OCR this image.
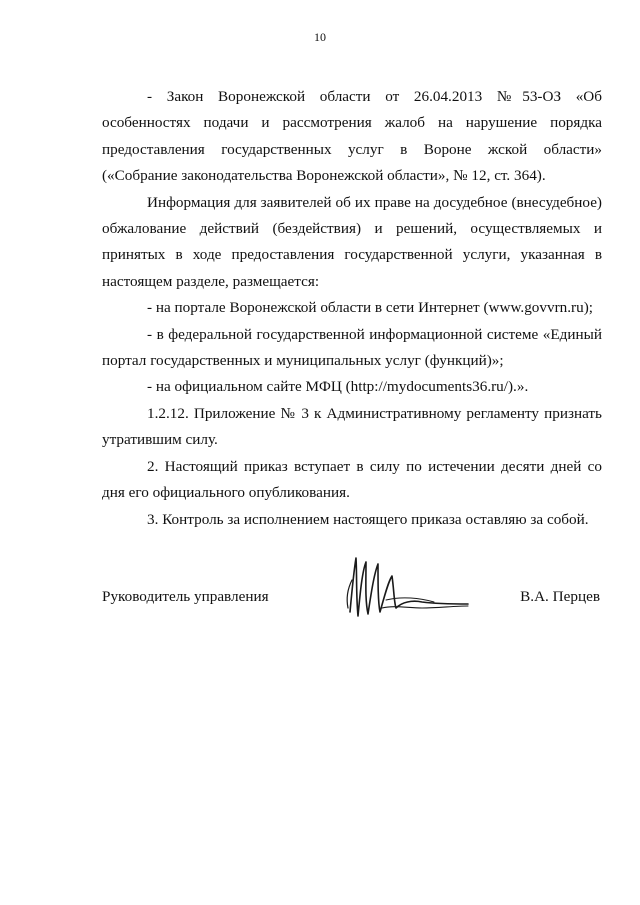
10

- Закон Воронежской области от 26.04.2013 №53-ОЗ «Об особенностях подачи и рассмотрения жалоб на нарушение порядка предоставления государственных услуг в Вороне жской области» («Собрание законодательства Воронежской области», № 12, ст. 364).

Информация для заявителей об их праве на досудебное (внесудебное) обжалование действий (бездействия) и решений, осуществляемых и принятых в ходе предоставления государственной услуги, указанная в настоящем разделе, размещается:

- на портале Воронежской области в сети Интернет (www.govvrn.ru);

- в федеральной государственной информационной системе «Единый портал государственных и муниципальных услуг (функций)»;

- на официальном сайте МФЦ (http://mydocuments36.ru/).».

1.2.12. Приложение № 3 к Административному регламенту признать утратившим силу.

2. Настоящий приказ вступает в силу по истечении десяти дней со дня его официального опубликования.

3. Контроль за исполнением настоящего приказа оставляю за собой.

Руководитель управления	В.А. Перцев
